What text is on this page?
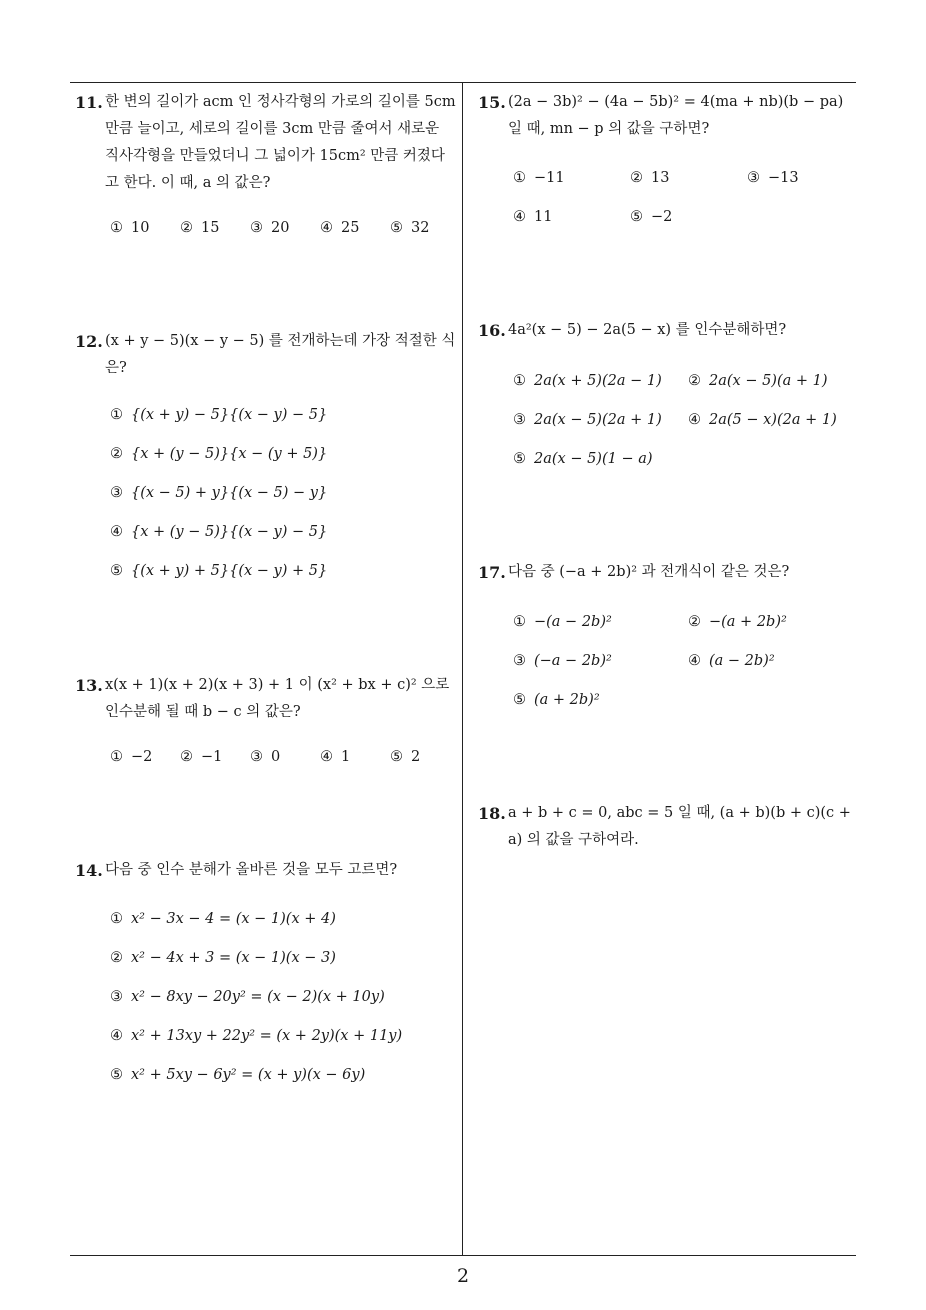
2
11. 한 변의 길이가 acm 인 정사각형의 가로의 길이를 5cm 만큼 늘이고, 세로의 길이를 3cm 만큼 줄여서 새로운 직사각형을 만들었더니 그 넓이가 15cm² 만큼 커졌다고 한다. 이 때, a 의 값은?
① 10 ② 15 ③ 20 ④ 25 ⑤ 32
12. (x + y − 5)(x − y − 5) 를 전개하는데 가장 적절한 식은?
① {(x + y) − 5}{(x − y) − 5}
② {x + (y − 5)}{x − (y + 5)}
③ {(x − 5) + y}{(x − 5) − y}
④ {x + (y − 5)}{(x − y) − 5}
⑤ {(x + y) + 5}{(x − y) + 5}
13. x(x + 1)(x + 2)(x + 3) + 1 이 (x² + bx + c)² 으로 인수분해 될 때 b − c 의 값은?
① −2 ② −1 ③ 0	④ 1	⑤ 2
14. 다음 중 인수 분해가 올바른 것을 모두 고르면?
① x² − 3x − 4 = (x − 1)(x + 4)
② x² − 4x + 3 = (x − 1)(x − 3)
③ x² − 8xy − 20y² = (x − 2)(x + 10y)
④ x² + 13xy + 22y² = (x + 2y)(x + 11y)
⑤ x² + 5xy − 6y² = (x + y)(x − 6y)
15. (2a − 3b)² − (4a − 5b)² = 4(ma + nb)(b − pa) 일 때, mn − p 의 값을 구하면?
① −11	② 13	③ −13
④ 11	⑤ −2
16. 4a²(x − 5) − 2a(5 − x) 를 인수분해하면?
① 2a(x + 5)(2a − 1) ② 2a(x − 5)(a + 1)
③ 2a(x − 5)(2a + 1) ④ 2a(5 − x)(2a + 1)
⑤ 2a(x − 5)(1 − a)
17. 다음 중 (−a + 2b)² 과 전개식이 같은 것은?
① −(a − 2b)²	② −(a + 2b)²
③ (−a − 2b)²	④ (a − 2b)²
⑤ (a + 2b)²
18. a + b + c = 0, abc = 5 일 때, (a + b)(b + c)(c + a) 의 값을 구하여라.
